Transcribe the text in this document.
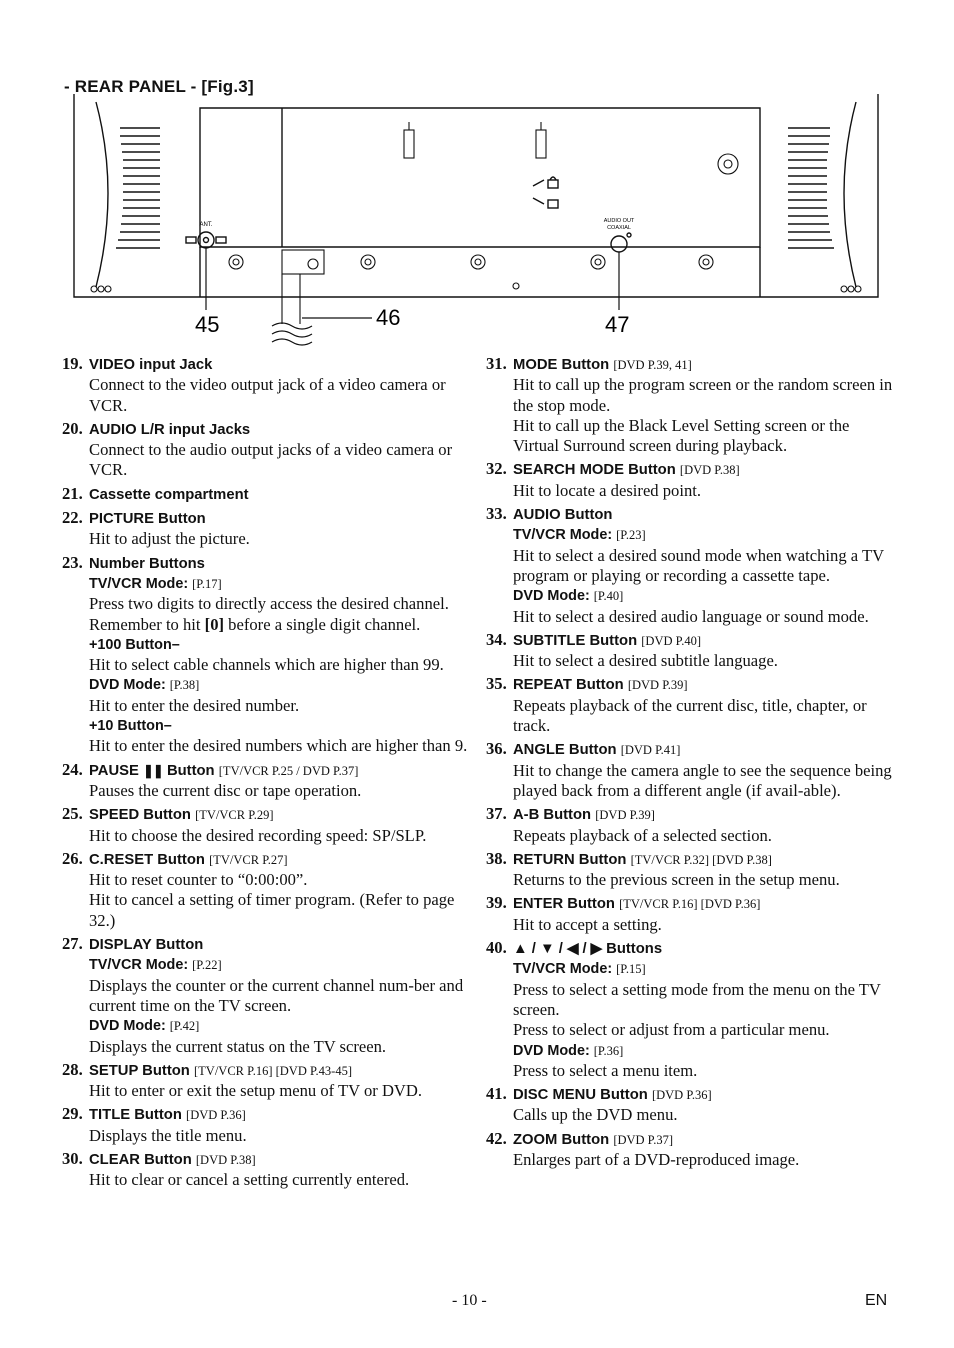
- REAR PANEL - [Fig.3]
ANT.
AUDIO OUT
COAXIAL
45	46	47
19. VIDEO input Jack
Connect to the video output jack of a video camera or VCR.
20. AUDIO L/R input Jacks
Connect to the audio output jacks of a video camera or VCR.
21. Cassette compartment
22. PICTURE Button
Hit to adjust the picture.
23. Number Buttons
TV/VCR Mode: [P.17]
Press two digits to directly access the desired channel.
Remember to hit [0] before a single digit channel.
+100 Button–
Hit to select cable channels which are higher than 99.
DVD Mode: [P.38]
Hit to enter the desired number.
+10 Button–
Hit to enter the desired numbers which are higher than 9.
24. PAUSE ❚❚ Button [TV/VCR P.25 / DVD P.37]
Pauses the current disc or tape operation.
25. SPEED Button [TV/VCR P.29]
Hit to choose the desired recording speed: SP/SLP.
26. C.RESET Button [TV/VCR P.27]
Hit to reset counter to “0:00:00”.
Hit to cancel a setting of timer program. (Refer to page 32.)
27. DISPLAY Button
TV/VCR Mode: [P.22]
Displays the counter or the current channel num-ber and current time on the TV screen.
DVD Mode: [P.42]
Displays the current status on the TV screen.
28. SETUP Button [TV/VCR P.16] [DVD P.43-45]
Hit to enter or exit the setup menu of TV or DVD.
29. TITLE Button [DVD P.36]
Displays the title menu.
30. CLEAR Button [DVD P.38]
Hit to clear or cancel a setting currently entered.
31. MODE Button [DVD P.39, 41]
Hit to call up the program screen or the random screen in the stop mode.
Hit to call up the Black Level Setting screen or the Virtual Surround screen during playback.
32. SEARCH MODE Button [DVD P.38]
Hit to locate a desired point.
33. AUDIO Button
TV/VCR Mode: [P.23]
Hit to select a desired sound mode when watching a TV program or playing or recording a cassette tape.
DVD Mode: [P.40]
Hit to select a desired audio language or sound mode.
34. SUBTITLE Button [DVD P.40]
Hit to select a desired subtitle language.
35. REPEAT Button [DVD P.39]
Repeats playback of the current disc, title, chapter, or track.
36. ANGLE Button [DVD P.41]
Hit to change the camera angle to see the sequence being played back from a different angle (if avail-able).
37. A-B Button [DVD P.39]
Repeats playback of a selected section.
38. RETURN Button [TV/VCR P.32] [DVD P.38]
Returns to the previous screen in the setup menu.
39. ENTER Button [TV/VCR P.16] [DVD P.36]
Hit to accept a setting.
40. ▲ / ▼ / ◀ / ▶ Buttons
TV/VCR Mode: [P.15]
Press to select a setting mode from the menu on the TV screen.
Press to select or adjust from a particular menu.
DVD Mode: [P.36]
Press to select a menu item.
41. DISC MENU Button [DVD P.36]
Calls up the DVD menu.
42. ZOOM Button [DVD P.37]
Enlarges part of a DVD-reproduced image.
- 10 -	EN
